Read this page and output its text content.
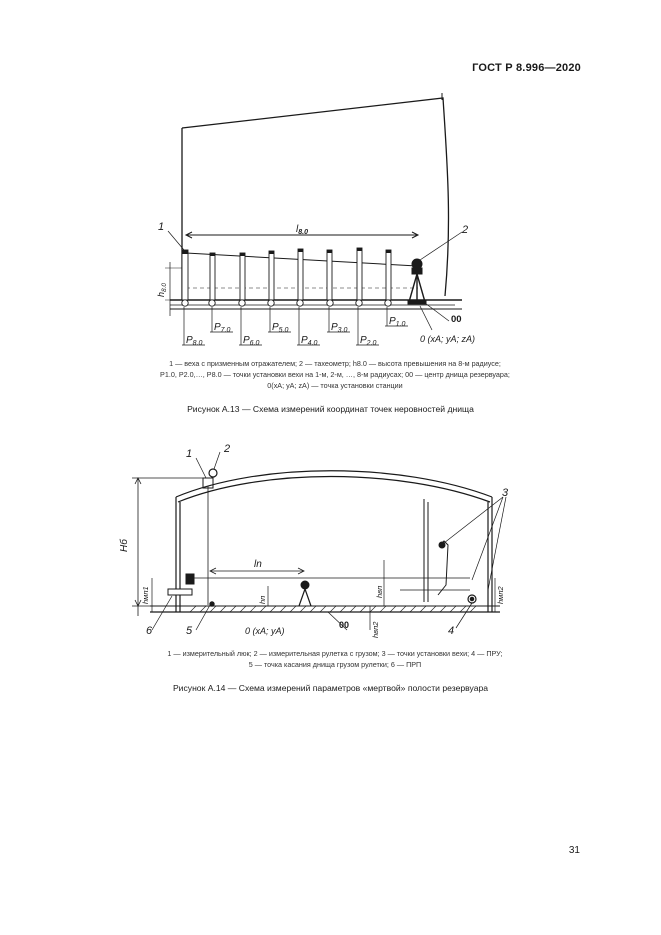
ГОСТ Р 8.996—2020
1	2
$l_{8.0}$
$h_{8.0}$
$P_{8.0}$
$P_{7.0}$
$P_{6.0}$
$P_{5.0}$
$P_{4.0}$
$P_{3.0}$
$P_{2.0}$
$P_{1.0}$	00
0 (xA; yA; zA)
1 — веха с призменным отражателем; 2 — тахеометр; h8.0 — высота превышения на 8-м радиусе;
P1.0, P2.0,…, P8.0 — точки установки вехи на 1-м, 2-м, …, 8-м радиусах; 00 — центр днища резервуара;
0(xA; yA; zA) — точка установки станции
Рисунок А.13 — Схема измерений координат точек неровностей днища
1	2
3
4
5
6
Hб
ln
hмп1	hмп2
hвп
hвп2
hп
00
0 (xA; yA)
1 — измерительный люк; 2 — измерительная рулетка с грузом; 3 — точки установки вехи; 4 — ПРУ;
5 — точка касания днища грузом рулетки; 6 — ПРП
Рисунок А.14 — Схема измерений параметров «мертвой» полости резервуара
31
